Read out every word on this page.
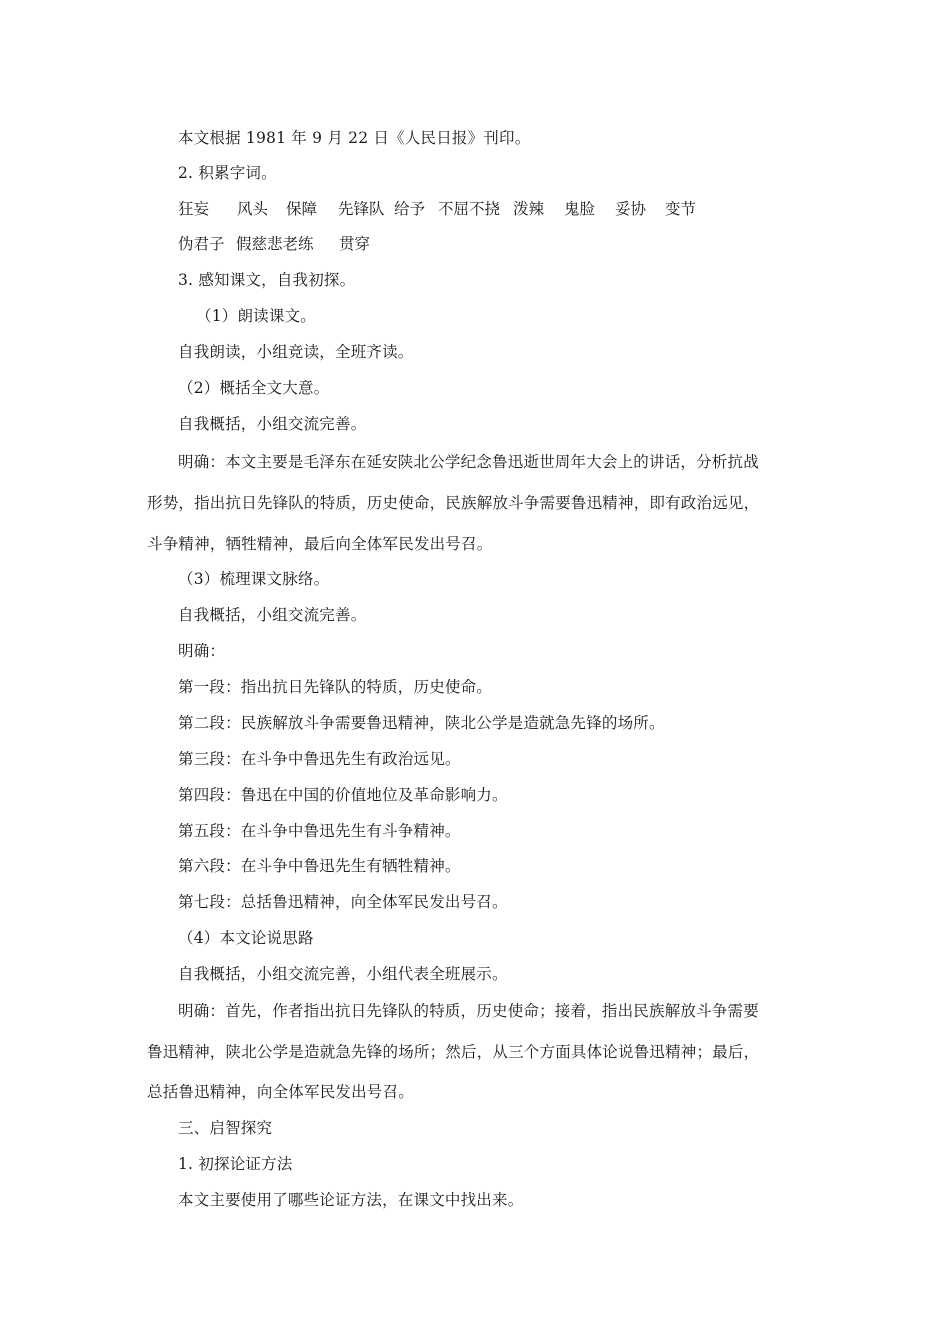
本文根据 1981 年 9 月 22 日《人民日报》刊印。

2. 积累字词。

狂妄 风头 保障 先锋队 给予 不屈不挠 泼辣 鬼脸 妥协 变节
伪君子 假慈悲老练 贯穿

3. 感知课文，自我初探。

（1）朗读课文。

自我朗读，小组竞读，全班齐读。

（2）概括全文大意。

自我概括，小组交流完善。

明确：本文主要是毛泽东在延安陕北公学纪念鲁迅逝世周年大会上的讲话，分析抗战

形势，指出抗日先锋队的特质，历史使命，民族解放斗争需要鲁迅精神，即有政治远见，

斗争精神，牺牲精神，最后向全体军民发出号召。

（3）梳理课文脉络。

自我概括，小组交流完善。

明确：

第一段：指出抗日先锋队的特质，历史使命。

第二段：民族解放斗争需要鲁迅精神，陕北公学是造就急先锋的场所。

第三段：在斗争中鲁迅先生有政治远见。

第四段：鲁迅在中国的价值地位及革命影响力。

第五段：在斗争中鲁迅先生有斗争精神。

第六段：在斗争中鲁迅先生有牺牲精神。

第七段：总括鲁迅精神，向全体军民发出号召。

（4）本文论说思路

自我概括，小组交流完善，小组代表全班展示。

明确：首先，作者指出抗日先锋队的特质，历史使命；接着，指出民族解放斗争需要

鲁迅精神，陕北公学是造就急先锋的场所；然后，从三个方面具体论说鲁迅精神；最后，

总括鲁迅精神，向全体军民发出号召。

三、启智探究

1. 初探论证方法

本文主要使用了哪些论证方法，在课文中找出来。
